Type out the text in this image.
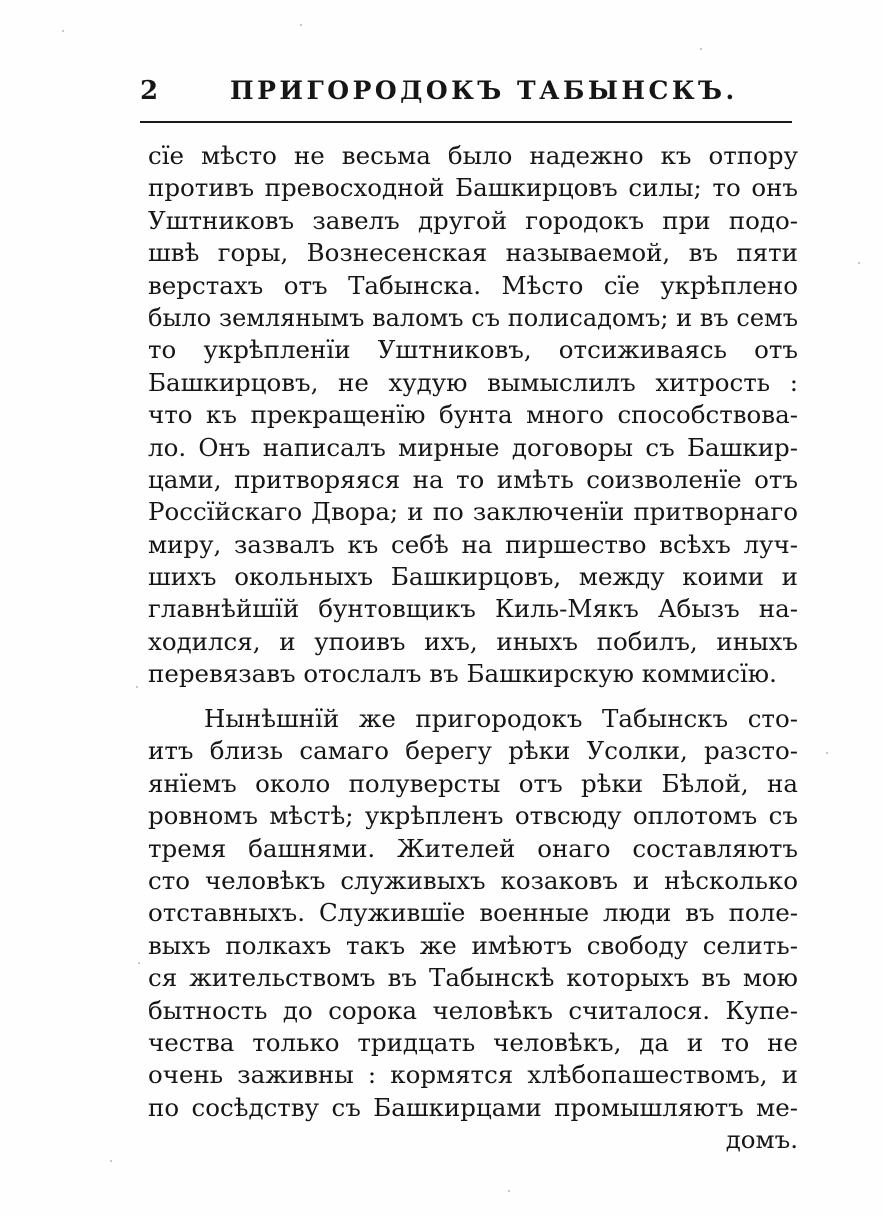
2	ПРИГОРОДОКЪ ТАБЫНСКЪ.
сїе мѣсто не весьма было надежно къ отпору
противъ превосходной Башкирцовъ силы; то онъ
Уштниковъ завелъ другой городокъ при подо-
швѣ горы, Вознесенская называемой, въ пяти
верстахъ отъ Табынска. Мѣсто сїе укрѣплено
было землянымъ валомъ съ полисадомъ; и въ семъ
то укрѣпленїи Уштниковъ, отсиживаясь отъ
Башкирцовъ, не худую вымыслилъ хитрость :
что къ прекращенїю бунта много способствова-
ло. Онъ написалъ мирные договоры съ Башкир-
цами, притворяяся на то имѣть соизволенїе отъ
Россїйскаго Двора; и по заключенїи притворнаго
миру, зазвалъ къ себѣ на пиршество всѣхъ луч-
шихъ окольныхъ Башкирцовъ, между коими и
главнѣйшїй бунтовщикъ Киль-Мякъ Абызъ на-
ходился, и упоивъ ихъ, иныхъ побилъ, иныхъ
перевязавъ отослалъ въ Башкирскую коммисїю.
Нынѣшнїй же пригородокъ Табынскъ сто-
итъ близь самаго берегу рѣки Усолки, разсто-
янїемъ около полуверсты отъ рѣки Бѣлой, на
ровномъ мѣстѣ; укрѣпленъ отвсюду оплотомъ съ
тремя башнями. Жителей онаго составляютъ
сто человѣкъ служивыхъ козаковъ и нѣсколько
отставныхъ. Служившїе военные люди въ поле-
выхъ полкахъ такъ же имѣютъ свободу селить-
ся жительствомъ въ Табынскѣ которыхъ въ мою
бытность до сорока человѣкъ считалося. Купе-
чества только тридцать человѣкъ, да и то не
очень заживны : кормятся хлѣбопашествомъ, и
по сосѣдству съ Башкирцами промышляютъ ме-
домъ.
